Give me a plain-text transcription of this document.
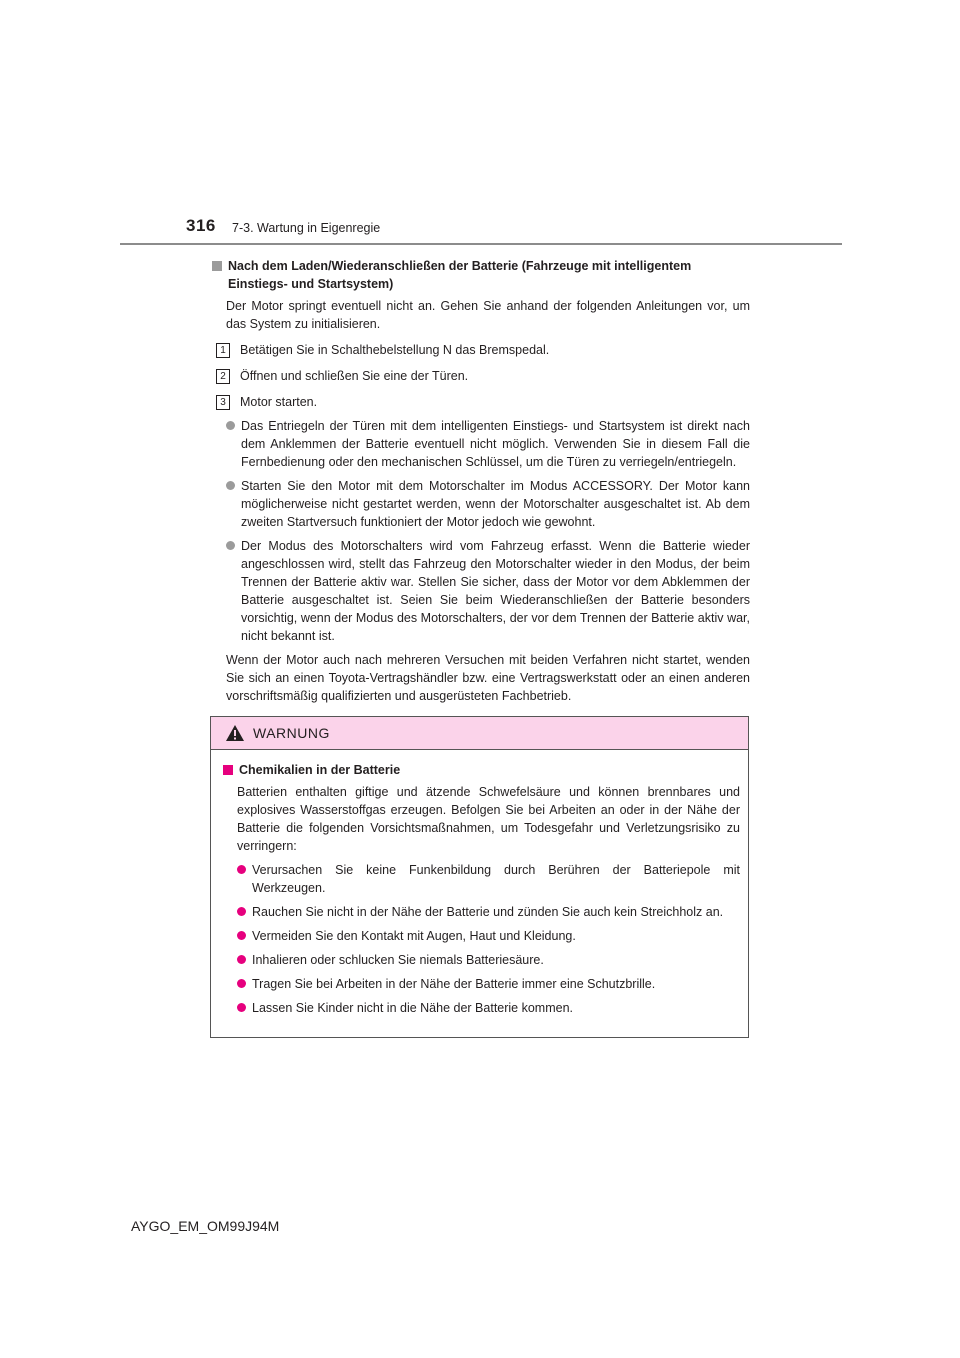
316 7-3. Wartung in Eigenregie
Nach dem Laden/Wiederanschließen der Batterie (Fahrzeuge mit intelligentem Einstiegs- und Startsystem)
Der Motor springt eventuell nicht an. Gehen Sie anhand der folgenden Anleitungen vor, um das System zu initialisieren.
1	Betätigen Sie in Schalthebelstellung N das Bremspedal.
2	Öffnen und schließen Sie eine der Türen.
3	Motor starten.
Das Entriegeln der Türen mit dem intelligenten Einstiegs- und Startsystem ist direkt nach dem Anklemmen der Batterie eventuell nicht möglich. Verwenden Sie in diesem Fall die Fernbedienung oder den mechanischen Schlüssel, um die Türen zu verriegeln/entriegeln.
Starten Sie den Motor mit dem Motorschalter im Modus ACCESSORY. Der Motor kann möglicherweise nicht gestartet werden, wenn der Motorschalter ausgeschaltet ist. Ab dem zweiten Startversuch funktioniert der Motor jedoch wie gewohnt.
Der Modus des Motorschalters wird vom Fahrzeug erfasst. Wenn die Batterie wieder angeschlossen wird, stellt das Fahrzeug den Motorschalter wieder in den Modus, der beim Trennen der Batterie aktiv war. Stellen Sie sicher, dass der Motor vor dem Abklemmen der Batterie ausgeschaltet ist. Seien Sie beim Wiederanschließen der Batterie besonders vorsichtig, wenn der Modus des Motorschalters, der vor dem Trennen der Batterie aktiv war, nicht bekannt ist.
Wenn der Motor auch nach mehreren Versuchen mit beiden Verfahren nicht startet, wenden Sie sich an einen Toyota-Vertragshändler bzw. eine Vertragswerkstatt oder an einen anderen vorschriftsmäßig qualifizierten und ausgerüsteten Fachbetrieb.
WARNUNG
Chemikalien in der Batterie
Batterien enthalten giftige und ätzende Schwefelsäure und können brennbares und explosives Wasserstoffgas erzeugen. Befolgen Sie bei Arbeiten an oder in der Nähe der Batterie die folgenden Vorsichtsmaßnahmen, um Todesgefahr und Verletzungsrisiko zu verringern:
Verursachen Sie keine Funkenbildung durch Berühren der Batteriepole mit Werkzeugen.
Rauchen Sie nicht in der Nähe der Batterie und zünden Sie auch kein Streichholz an.
Vermeiden Sie den Kontakt mit Augen, Haut und Kleidung.
Inhalieren oder schlucken Sie niemals Batteriesäure.
Tragen Sie bei Arbeiten in der Nähe der Batterie immer eine Schutzbrille.
Lassen Sie Kinder nicht in die Nähe der Batterie kommen.
AYGO_EM_OM99J94M
